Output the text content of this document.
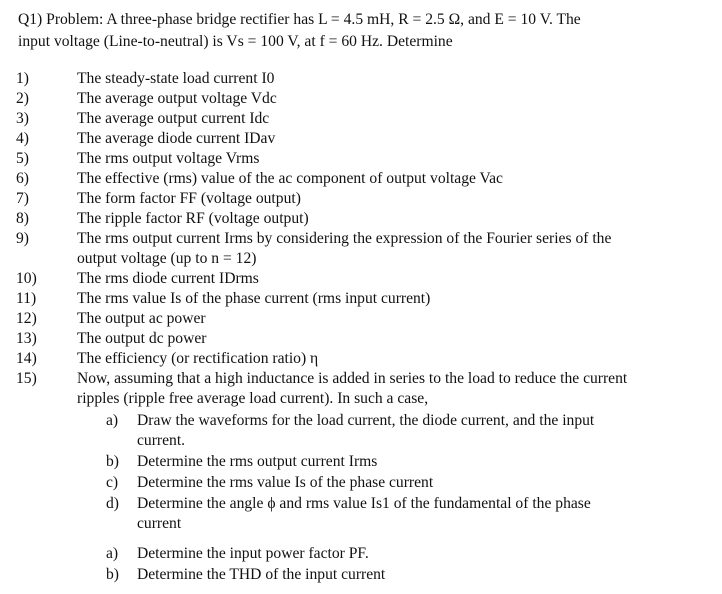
Q1) Problem: A three-phase bridge rectifier has L = 4.5 mH, R = 2.5 Ω, and E = 10 V. The
input voltage (Line-to-neutral) is Vs = 100 V, at f = 60 Hz. Determine
1)	The steady-state load current I0
2)	The average output voltage Vdc
3)	The average output current Idc
4)	The average diode current IDav
5)	The rms output voltage Vrms
6)	The effective (rms) value of the ac component of output voltage Vac
7)	The form factor FF (voltage output)
8)	The ripple factor RF (voltage output)
9)	The rms output current Irms by considering the expression of the Fourier series of the
output voltage (up to n = 12)
10)	The rms diode current IDrms
11)	The rms value Is of the phase current (rms input current)
12)	The output ac power
13)	The output dc power
14)	The efficiency (or rectification ratio) η
15)	Now, assuming that a high inductance is added in series to the load to reduce the current
ripples (ripple free average load current). In such a case,
a)	Draw the waveforms for the load current, the diode current, and the input
current.
b)	Determine the rms output current Irms
c)	Determine the rms value Is of the phase current
d)	Determine the angle ϕ and rms value Is1 of the fundamental of the phase
current
a)	Determine the input power factor PF.
b)	Determine the THD of the input current
